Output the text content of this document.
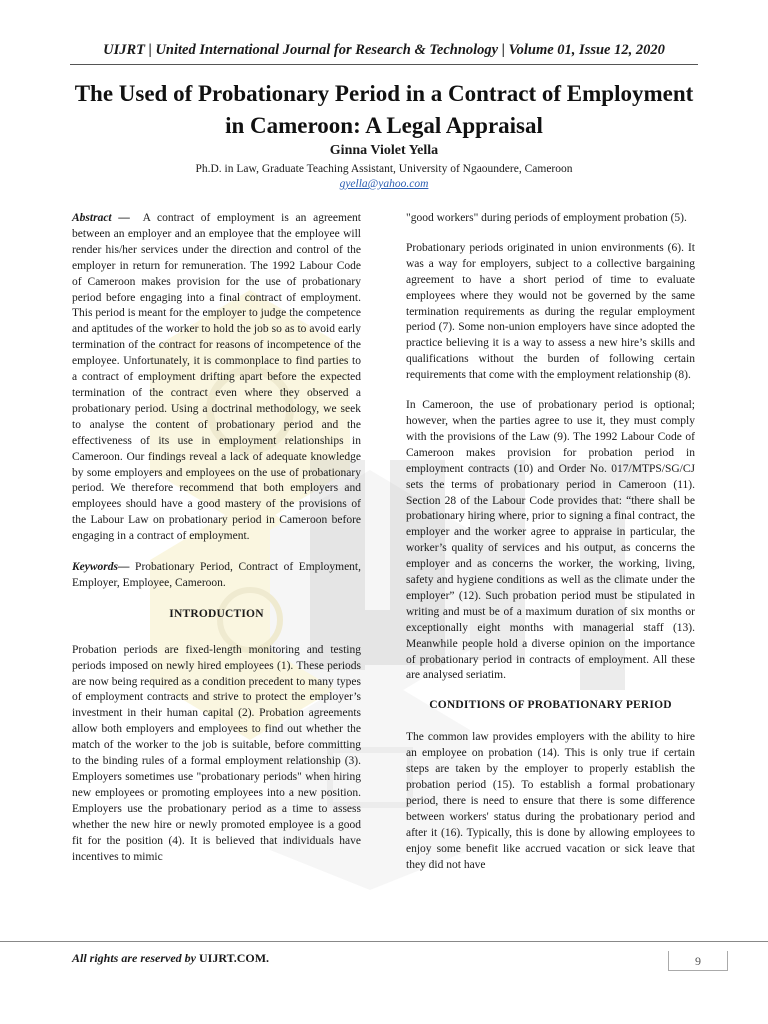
UIJRT | United International Journal for Research & Technology | Volume 01, Issue 12, 2020
The Used of Probationary Period in a Contract of Employment in Cameroon: A Legal Appraisal
Ginna Violet Yella
Ph.D. in Law, Graduate Teaching Assistant, University of Ngaoundere, Cameroon
gyella@yahoo.com

Abstract — A contract of employment is an agreement between an employer and an employee that the employee will render his/her services under the direction and control of the employer in return for remuneration. The 1992 Labour Code of Cameroon makes provision for the use of probationary period before engaging into a final contract of employment. This period is meant for the employer to judge the competence and aptitudes of the worker to hold the job so as to avoid early termination of the contract for reasons of incompetence of the employee. Unfortunately, it is commonplace to find parties to a contract of employment drifting apart before the expected termination of the contract even where they observed a probationary period. Using a doctrinal methodology, we seek to analyse the content of probationary period and the effectiveness of its use in employment relationships in Cameroon. Our findings reveal a lack of adequate knowledge by some employers and employees on the use of probationary period. We therefore recommend that both employers and employees should have a good mastery of the provisions of the Labour Law on probationary period in Cameroon before engaging in a contract of employment.

Keywords— Probationary Period, Contract of Employment, Employer, Employee, Cameroon.

INTRODUCTION

Probation periods are fixed-length monitoring and testing periods imposed on newly hired employees (1). These periods are now being required as a condition precedent to many types of employment contracts and strive to protect the employer’s investment in their human capital (2). Probation agreements allow both employers and employees to find out whether the match of the worker to the job is suitable, before committing to the binding rules of a formal employment relationship (3). Employers sometimes use "probationary periods" when hiring new employees or promoting employees into a new position. Employers use the probationary period as a time to assess whether the new hire or newly promoted employee is a good fit for the position (4). It is believed that individuals have incentives to mimic

"good workers" during periods of employment probation (5).

Probationary periods originated in union environments (6). It was a way for employers, subject to a collective bargaining agreement to have a short period of time to evaluate employees where they would not be governed by the same termination requirements as during the regular employment period (7). Some non-union employers have since adopted the practice believing it is a way to assess a new hire’s skills and qualifications without the burden of following certain requirements that come with the employment relationship (8).

In Cameroon, the use of probationary period is optional; however, when the parties agree to use it, they must comply with the provisions of the Law (9). The 1992 Labour Code of Cameroon makes provision for probation period in employment contracts (10) and Order No. 017/MTPS/SG/CJ sets the terms of probationary period in Cameroon (11). Section 28 of the Labour Code provides that: “there shall be probationary hiring where, prior to signing a final contract, the employer and the worker agree to appraise in particular, the worker’s quality of services and his output, as concerns the employer and as concerns the worker, the working, living, safety and hygiene conditions as well as the climate under the employer” (12). Such probation period must be stipulated in writing and must be of a maximum duration of six months or exceptionally eight months with managerial staff (13). Meanwhile people hold a diverse opinion on the importance of probationary period in contracts of employment. All these are analysed seriatim.

CONDITIONS OF PROBATIONARY PERIOD

The common law provides employers with the ability to hire an employee on probation (14). This is only true if certain steps are taken by the employer to properly establish the probation period (15). To establish a formal probationary period, there is need to ensure that there is some difference between workers' status during the probationary period and after it (16). Typically, this is done by allowing employees to enjoy some benefit like accrued vacation or sick leave that they did not have

All rights are reserved by UIJRT.COM.	9
